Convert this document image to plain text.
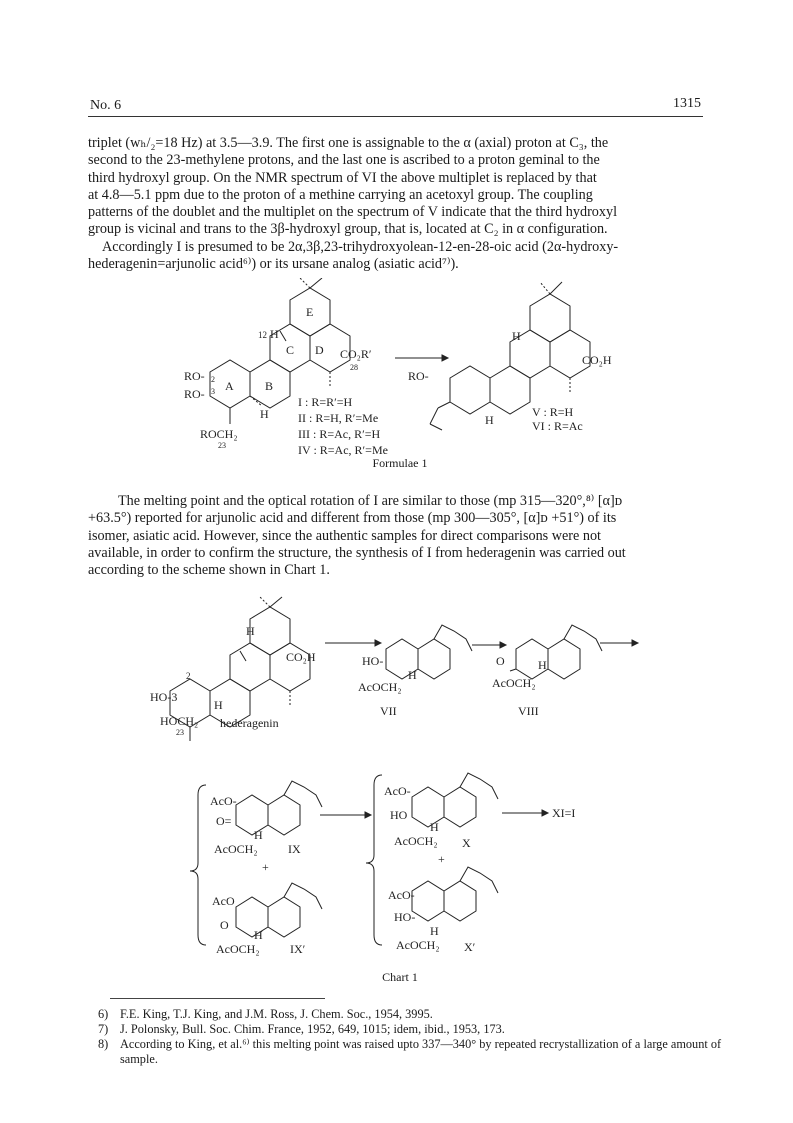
No. 6	1315
triplet (wₕ/₂=18 Hz) at 3.5—3.9. The first one is assignable to the α (axial) proton at C₃, the
second to the 23-methylene protons, and the last one is ascribed to a proton geminal to the
third hydroxyl group. On the NMR spectrum of VI the above multiplet is replaced by that
at 4.8—5.1 ppm due to the proton of a methine carrying an acetoxyl group. The coupling
patterns of the doublet and the multiplet on the spectrum of V indicate that the third hydroxyl
group is vicinal and trans to the 3β-hydroxyl group, that is, located at C₂ in α configuration.
Accordingly I is presumed to be 2α,3β,23-trihydroxyolean-12-en-28-oic acid (2α-hydroxy-
hederagenin=arjunolic acid⁶⁾) or its ursane analog (asiatic acid⁷⁾).
E
C D
A	B
12 H
CO₂R′
28
RO-
RO-
2
3
H
ROCH₂
23
I : R=R′=H
II : R=H, R′=Me
III : R=Ac, R′=H
IV : R=Ac, R′=Me
H
CO₂H
RO-
H
V : R=H
VI : R=Ac
Formulae 1
The melting point and the optical rotation of I are similar to those (mp 315—320°,⁸⁾ [α]ᴅ
+63.5°) reported for arjunolic acid and different from those (mp 300—305°, [α]ᴅ +51°) of its
isomer, asiatic acid. However, since the authentic samples for direct comparisons were not
available, in order to confirm the structure, the synthesis of I from hederagenin was carried out
according to the scheme shown in Chart 1.
H
CO₂H
2
HO-3
H
HOCH₂
23
hederagenin
HO-
H
AcOCH₂
VII
O	H
AcOCH₂
VIII
AcO-
O=
H
AcOCH₂	IX
+
AcO
O
H
AcOCH₂	IX′
AcO-
HO
H
AcOCH₂ X
+
AcO-
HO-
H
AcOCH₂ X′
XI=I
Chart 1
6) F.E. King, T.J. King, and J.M. Ross, J. Chem. Soc., 1954, 3995.
7) J. Polonsky, Bull. Soc. Chim. France, 1952, 649, 1015; idem, ibid., 1953, 173.
8) According to King, et al.⁶⁾ this melting point was raised upto 337—340° by repeated recrystallization of a large amount of sample.
